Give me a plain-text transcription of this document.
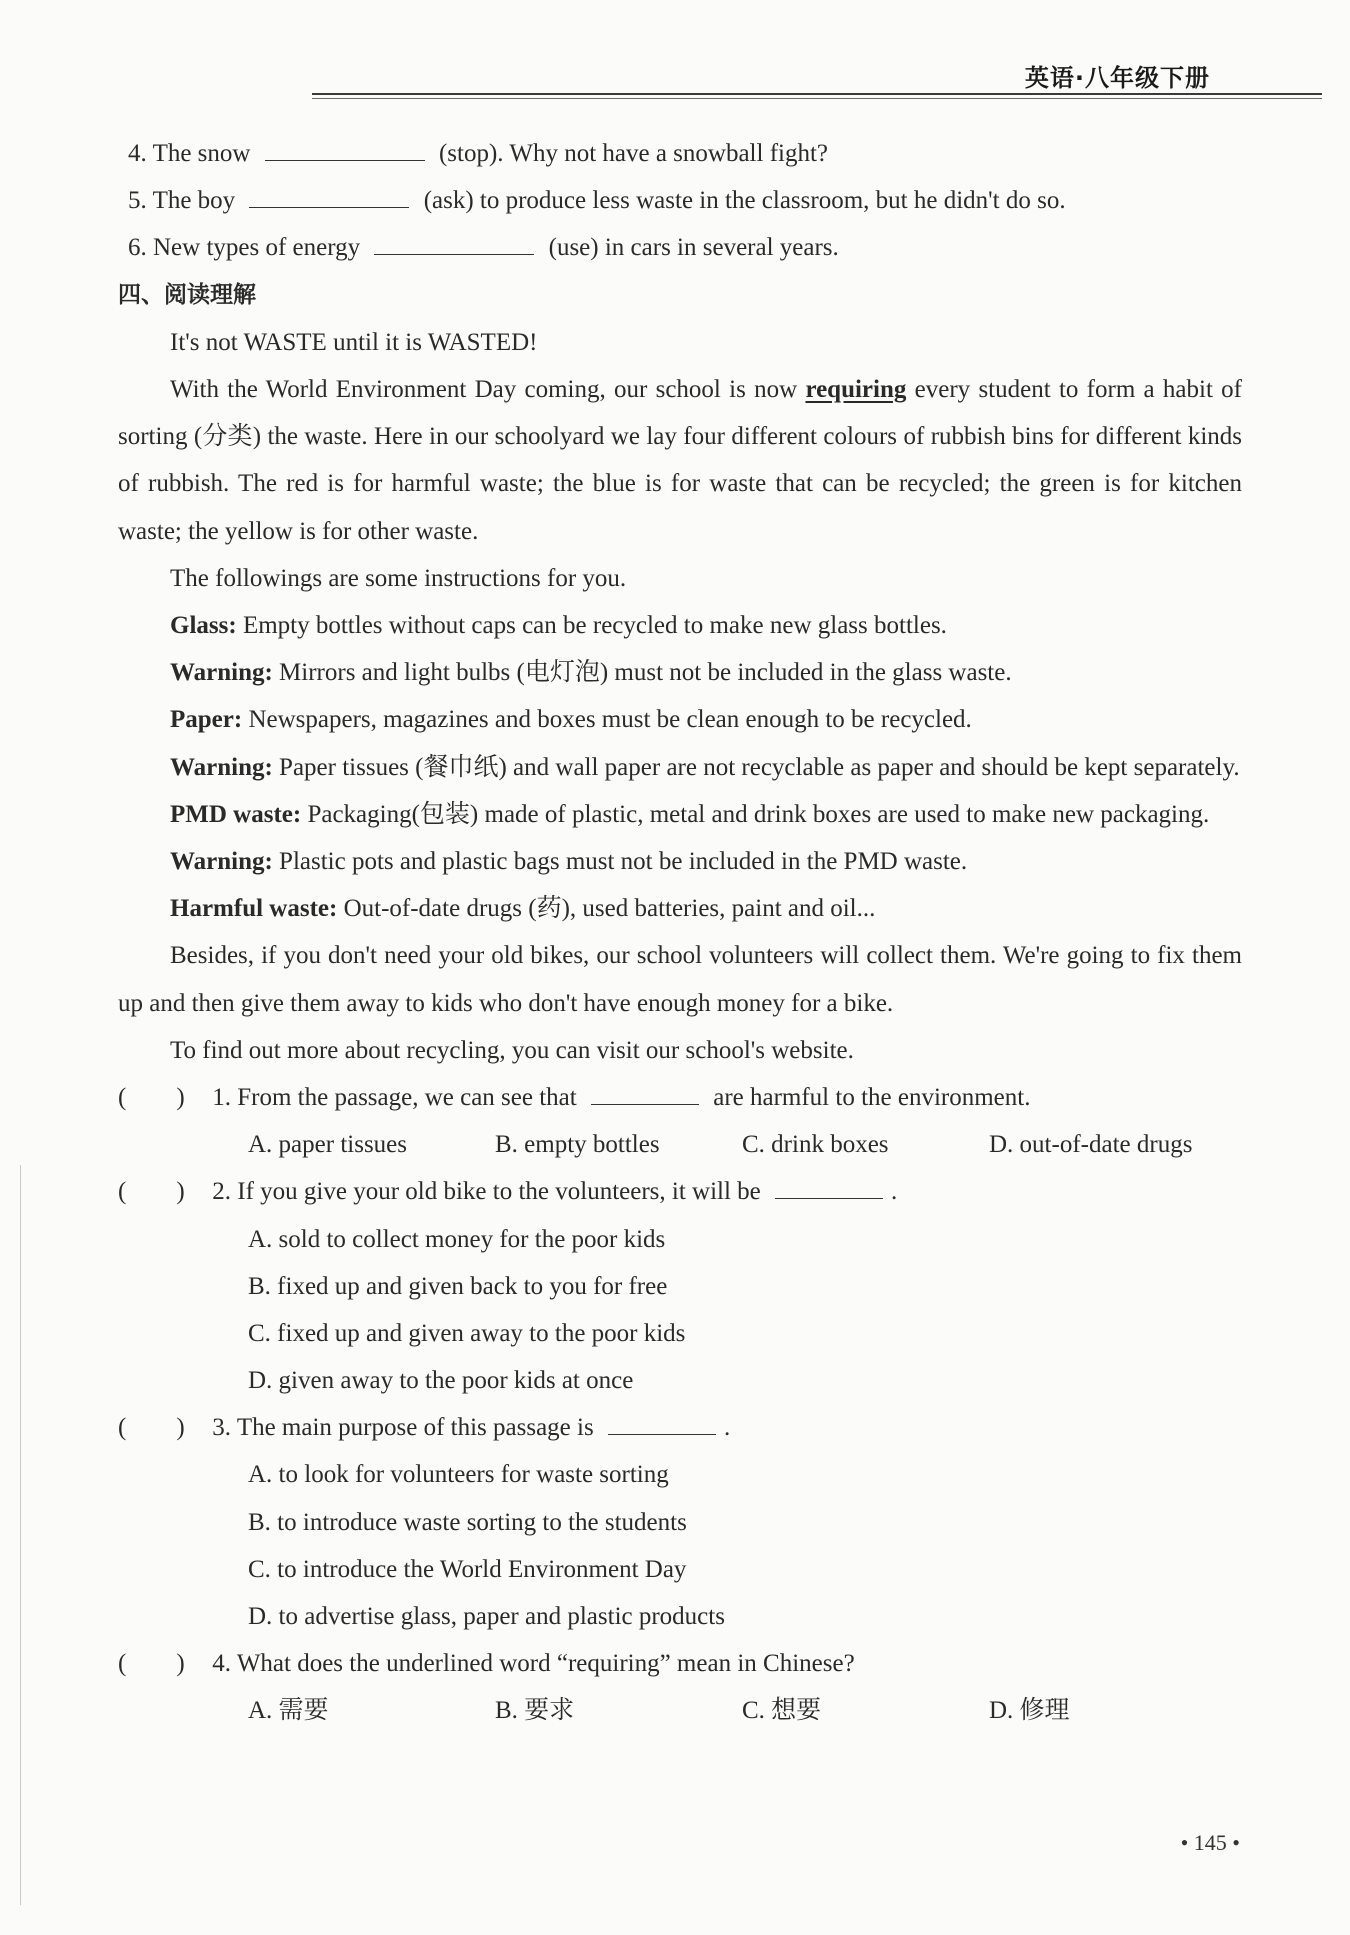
英语·八年级下册
4. The snow	(stop). Why not have a snowball fight?
5. The boy	(ask) to produce less waste in the classroom, but he didn't do so.
6. New types of energy	(use) in cars in several years.
四、阅读理解
It's not WASTE until it is WASTED!
With the World Environment Day coming, our school is now requiring every student to form a habit of sorting (分类) the waste. Here in our schoolyard we lay four different colours of rubbish bins for different kinds of rubbish. The red is for harmful waste; the blue is for waste that can be recycled; the green is for kitchen waste; the yellow is for other waste.
The followings are some instructions for you.
Glass: Empty bottles without caps can be recycled to make new glass bottles.
Warning: Mirrors and light bulbs (电灯泡) must not be included in the glass waste.
Paper: Newspapers, magazines and boxes must be clean enough to be recycled.
Warning: Paper tissues (餐巾纸) and wall paper are not recyclable as paper and should be kept separately.
PMD waste: Packaging(包装) made of plastic, metal and drink boxes are used to make new packaging.
Warning: Plastic pots and plastic bags must not be included in the PMD waste.
Harmful waste: Out-of-date drugs (药), used batteries, paint and oil...
Besides, if you don't need your old bikes, our school volunteers will collect them. We're going to fix them up and then give them away to kids who don't have enough money for a bike.
To find out more about recycling, you can visit our school's website.
(　　) 1. From the passage, we can see that	are harmful to the environment.
A. paper tissues	B. empty bottles	C. drink boxes	D. out-of-date drugs
(　　) 2. If you give your old bike to the volunteers, it will be	.
A. sold to collect money for the poor kids
B. fixed up and given back to you for free
C. fixed up and given away to the poor kids
D. given away to the poor kids at once
(　　) 3. The main purpose of this passage is	.
A. to look for volunteers for waste sorting
B. to introduce waste sorting to the students
C. to introduce the World Environment Day
D. to advertise glass, paper and plastic products
(　　) 4. What does the underlined word “requiring” mean in Chinese?
A. 需要	B. 要求	C. 想要	D. 修理
• 145 •
